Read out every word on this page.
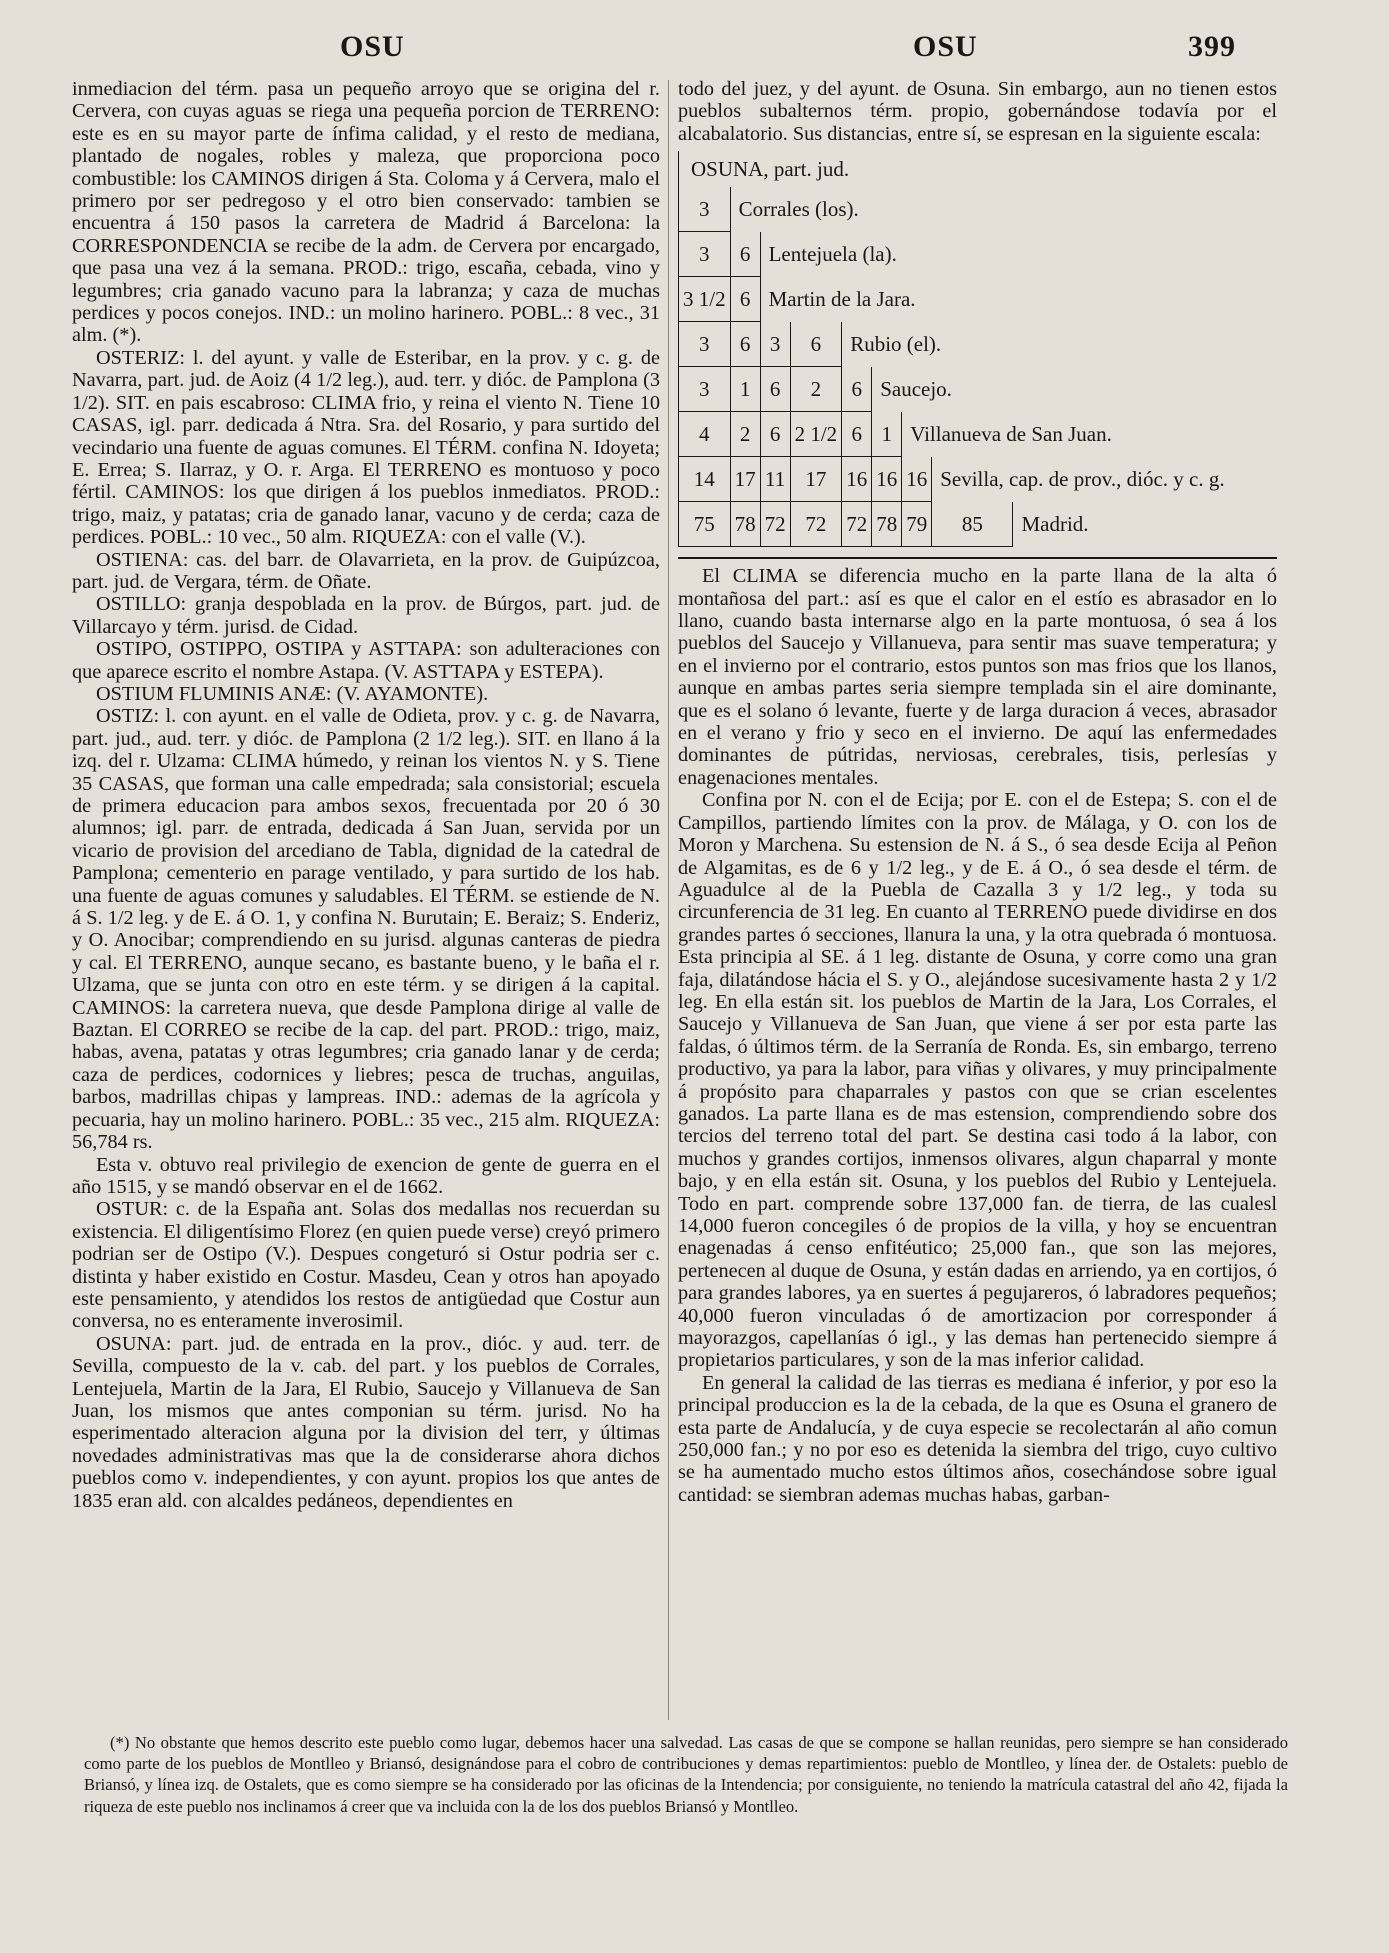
OSU	OSU	399

inmediacion del térm. pasa un pequeño arroyo que se origina del r. Cervera, con cuyas aguas se riega una pequeña porcion de TERRENO: este es en su mayor parte de ínfima calidad, y el resto de mediana, plantado de nogales, robles y maleza, que proporciona poco combustible: los CAMINOS dirigen á Sta. Coloma y á Cervera, malo el primero por ser pedregoso y el otro bien conservado: tambien se encuentra á 150 pasos la carretera de Madrid á Barcelona: la CORRESPONDENCIA se recibe de la adm. de Cervera por encargado, que pasa una vez á la semana. PROD.: trigo, escaña, cebada, vino y legumbres; cria ganado vacuno para la labranza; y caza de muchas perdices y pocos conejos. IND.: un molino harinero. POBL.: 8 vec., 31 alm. (*).

OSTERIZ: l. del ayunt. y valle de Esteribar, en la prov. y c. g. de Navarra, part. jud. de Aoiz (4 1/2 leg.), aud. terr. y dióc. de Pamplona (3 1/2). SIT. en pais escabroso: CLIMA frio, y reina el viento N. Tiene 10 CASAS, igl. parr. dedicada á Ntra. Sra. del Rosario, y para surtido del vecindario una fuente de aguas comunes. El TÉRM. confina N. Idoyeta; E. Errea; S. Ilarraz, y O. r. Arga. El TERRENO es montuoso y poco fértil. CAMINOS: los que dirigen á los pueblos inmediatos. PROD.: trigo, maiz, y patatas; cria de ganado lanar, vacuno y de cerda; caza de perdices. POBL.: 10 vec., 50 alm. RIQUEZA: con el valle (V.).

OSTIENA: cas. del barr. de Olavarrieta, en la prov. de Guipúzcoa, part. jud. de Vergara, térm. de Oñate.

OSTILLO: granja despoblada en la prov. de Búrgos, part. jud. de Villarcayo y térm. jurisd. de Cidad.

OSTIPO, OSTIPPO, OSTIPA y ASTTAPA: son adulteraciones con que aparece escrito el nombre Astapa. (V. ASTTAPA y ESTEPA).

OSTIUM FLUMINIS ANÆ: (V. AYAMONTE).

OSTIZ: l. con ayunt. en el valle de Odieta, prov. y c. g. de Navarra, part. jud., aud. terr. y dióc. de Pamplona (2 1/2 leg.). SIT. en llano á la izq. del r. Ulzama: CLIMA húmedo, y reinan los vientos N. y S. Tiene 35 CASAS, que forman una calle empedrada; sala consistorial; escuela de primera educacion para ambos sexos, frecuentada por 20 ó 30 alumnos; igl. parr. de entrada, dedicada á San Juan, servida por un vicario de provision del arcediano de Tabla, dignidad de la catedral de Pamplona; cementerio en parage ventilado, y para surtido de los hab. una fuente de aguas comunes y saludables. El TÉRM. se estiende de N. á S. 1/2 leg. y de E. á O. 1, y confina N. Burutain; E. Beraiz; S. Enderiz, y O. Anocibar; comprendiendo en su jurisd. algunas canteras de piedra y cal. El TERRENO, aunque secano, es bastante bueno, y le baña el r. Ulzama, que se junta con otro en este térm. y se dirigen á la capital. CAMINOS: la carretera nueva, que desde Pamplona dirige al valle de Baztan. El CORREO se recibe de la cap. del part. PROD.: trigo, maiz, habas, avena, patatas y otras legumbres; cria ganado lanar y de cerda; caza de perdices, codornices y liebres; pesca de truchas, anguilas, barbos, madrillas chipas y lampreas. IND.: ademas de la agrícola y pecuaria, hay un molino harinero. POBL.: 35 vec., 215 alm. RIQUEZA: 56,784 rs.

Esta v. obtuvo real privilegio de exencion de gente de guerra en el año 1515, y se mandó observar en el de 1662.

OSTUR: c. de la España ant. Solas dos medallas nos recuerdan su existencia. El diligentísimo Florez (en quien puede verse) creyó primero podrian ser de Ostipo (V.). Despues congeturó si Ostur podria ser c. distinta y haber existido en Costur. Masdeu, Cean y otros han apoyado este pensamiento, y atendidos los restos de antigüedad que Costur aun conversa, no es enteramente inverosimil.

OSUNA: part. jud. de entrada en la prov., dióc. y aud. terr. de Sevilla, compuesto de la v. cab. del part. y los pueblos de Corrales, Lentejuela, Martin de la Jara, El Rubio, Saucejo y Villanueva de San Juan, los mismos que antes componian su térm. jurisd. No ha esperimentado alteracion alguna por la division del terr, y últimas novedades administrativas mas que la de considerarse ahora dichos pueblos como v. independientes, y con ayunt. propios los que antes de 1835 eran ald. con alcaldes pedáneos, dependientes en

todo del juez, y del ayunt. de Osuna. Sin embargo, aun no tienen estos pueblos subalternos térm. propio, gobernándose todavía por el alcabalatorio. Sus distancias, entre sí, se espresan en la siguiente escala:

OSUNA, part. jud.								
3	Corrales (los).							
3	6	Lentejuela (la).						
3 1/2	6	Martin de la Jara.						
3	6	3	6	Rubio (el).				
3	1	6	2	6	Saucejo.			
4	2	6	2 1/2	6	1	Villanueva de San Juan.		
14	17	11	17	16	16	16	Sevilla, cap. de prov., dióc. y c. g.	
75	78	72	72	72	78	79	85	Madrid.

El CLIMA se diferencia mucho en la parte llana de la alta ó montañosa del part.: así es que el calor en el estío es abrasador en lo llano, cuando basta internarse algo en la parte montuosa, ó sea á los pueblos del Saucejo y Villanueva, para sentir mas suave temperatura; y en el invierno por el contrario, estos puntos son mas frios que los llanos, aunque en ambas partes seria siempre templada sin el aire dominante, que es el solano ó levante, fuerte y de larga duracion á veces, abrasador en el verano y frio y seco en el invierno. De aquí las enfermedades dominantes de pútridas, nerviosas, cerebrales, tisis, perlesías y enagenaciones mentales.

Confina por N. con el de Ecija; por E. con el de Estepa; S. con el de Campillos, partiendo límites con la prov. de Málaga, y O. con los de Moron y Marchena. Su estension de N. á S., ó sea desde Ecija al Peñon de Algamitas, es de 6 y 1/2 leg., y de E. á O., ó sea desde el térm. de Aguadulce al de la Puebla de Cazalla 3 y 1/2 leg., y toda su circunferencia de 31 leg. En cuanto al TERRENO puede dividirse en dos grandes partes ó secciones, llanura la una, y la otra quebrada ó montuosa. Esta principia al SE. á 1 leg. distante de Osuna, y corre como una gran faja, dilatándose hácia el S. y O., alejándose sucesivamente hasta 2 y 1/2 leg. En ella están sit. los pueblos de Martin de la Jara, Los Corrales, el Saucejo y Villanueva de San Juan, que viene á ser por esta parte las faldas, ó últimos térm. de la Serranía de Ronda. Es, sin embargo, terreno productivo, ya para la labor, para viñas y olivares, y muy principalmente á propósito para chaparrales y pastos con que se crian escelentes ganados. La parte llana es de mas estension, comprendiendo sobre dos tercios del terreno total del part. Se destina casi todo á la labor, con muchos y grandes cortijos, inmensos olivares, algun chaparral y monte bajo, y en ella están sit. Osuna, y los pueblos del Rubio y Lentejuela. Todo en part. comprende sobre 137,000 fan. de tierra, de las cualesl 14,000 fueron concegiles ó de propios de la villa, y hoy se encuentran enagenadas á censo enfitéutico; 25,000 fan., que son las mejores, pertenecen al duque de Osuna, y están dadas en arriendo, ya en cortijos, ó para grandes labores, ya en suertes á pegujareros, ó labradores pequeños; 40,000 fueron vinculadas ó de amortizacion por corresponder á mayorazgos, capellanías ó igl., y las demas han pertenecido siempre á propietarios particulares, y son de la mas inferior calidad.

En general la calidad de las tierras es mediana é inferior, y por eso la principal produccion es la de la cebada, de la que es Osuna el granero de esta parte de Andalucía, y de cuya especie se recolectarán al año comun 250,000 fan.; y no por eso es detenida la siembra del trigo, cuyo cultivo se ha aumentado mucho estos últimos años, cosechándose sobre igual cantidad: se siembran ademas muchas habas, garban-

(*) No obstante que hemos descrito este pueblo como lugar, debemos hacer una salvedad. Las casas de que se compone se hallan reunidas, pero siempre se han considerado como parte de los pueblos de Montlleo y Briansó, designándose para el cobro de contribuciones y demas repartimientos: pueblo de Montlleo, y línea der. de Ostalets: pueblo de Briansó, y línea izq. de Ostalets, que es como siempre se ha considerado por las oficinas de la Intendencia; por consiguiente, no teniendo la matrícula catastral del año 42, fijada la riqueza de este pueblo nos inclinamos á creer que va incluida con la de los dos pueblos Briansó y Montlleo.
